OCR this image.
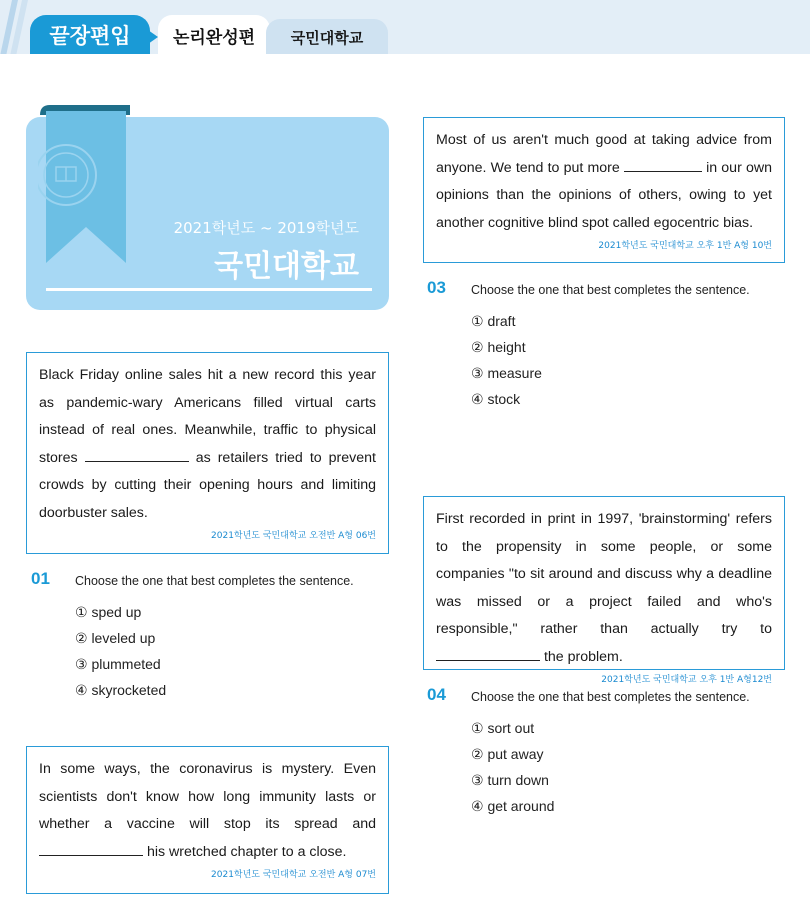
끝장편입	논리완성편	국민대학교
2021학년도 ~ 2019학년도
국민대학교

Black Friday online sales hit a new record this year as pandemic-wary Americans filled virtual carts instead of real ones. Meanwhile, traffic to physical stores	as retailers tried to prevent crowds by cutting their opening hours and limiting doorbuster sales.

2021학년도 국민대학교 오전반 A형 06번
01 Choose the one that best completes the sentence.
① sped up
② leveled up
③ plummeted
④ skyrocketed

In some ways, the coronavirus is mystery. Even scientists don't know how long immunity lasts or whether a vaccine will stop its spread and  his wretched chapter to a close.

2021학년도 국민대학교 오전반 A형 07번

Most of us aren't much good at taking advice from anyone. We tend to put more	in our own opinions than the opinions of others, owing to yet another cognitive blind spot called egocentric bias.

2021학년도 국민대학교 오후 1반 A형 10번
03 Choose the one that best completes the sentence.
① draft
② height
③ measure
④ stock

First recorded in print in 1997, 'brainstorming' refers to the propensity in some people, or some companies "to sit around and discuss why a deadline was missed or a project failed and who's responsible," rather than actually try to  the problem.

2021학년도 국민대학교 오후 1반 A형12번
04 Choose the one that best completes the sentence.
① sort out
② put away
③ turn down
④ get around
